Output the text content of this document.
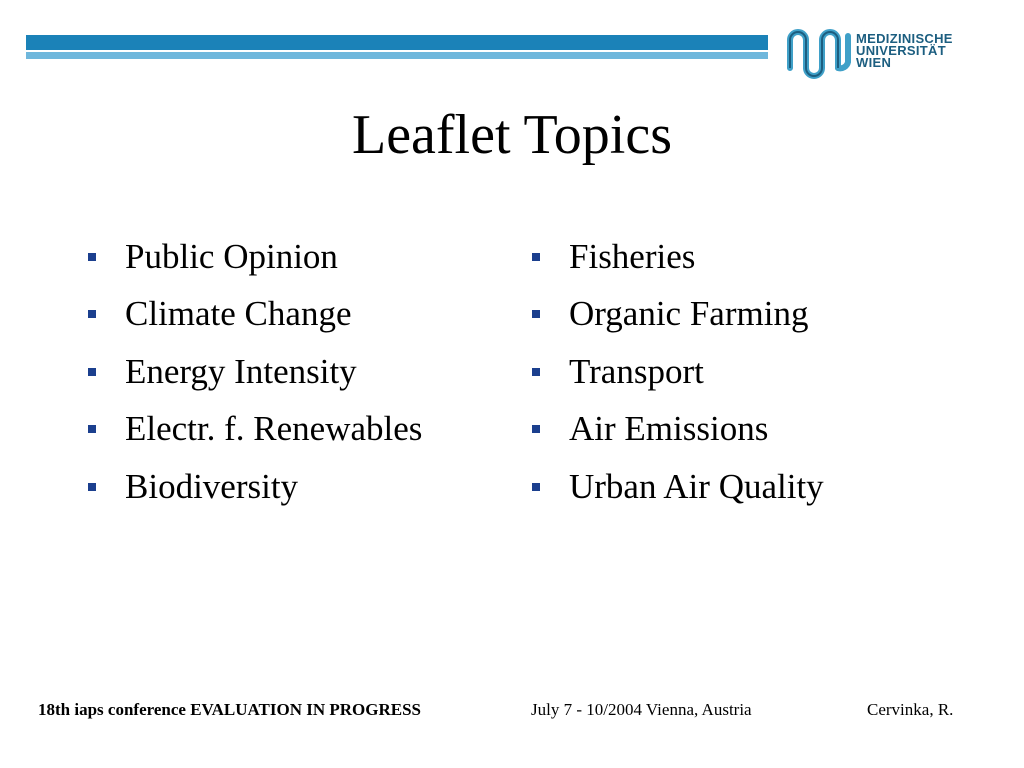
MEDIZINISCHE
UNIVERSITÄT
WIEN
Leaflet Topics
Public Opinion
Climate Change
Energy Intensity
Electr. f. Renewables
Biodiversity
Fisheries
Organic Farming
Transport
Air Emissions
Urban Air Quality
18th iaps conference EVALUATION IN PROGRESS	July 7 - 10/2004 Vienna, Austria	Cervinka, R.
